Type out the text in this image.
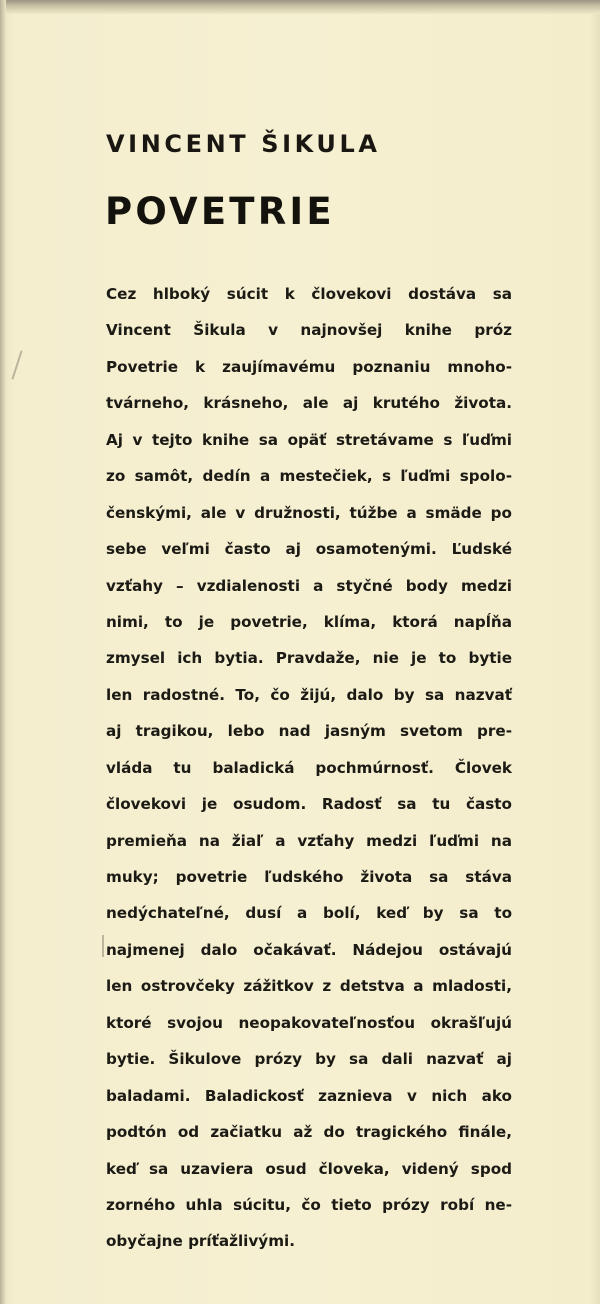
VINCENT ŠIKULA
POVETRIE
Cez hlboký súcit k človekovi dostáva sa
Vincent Šikula v najnovšej knihe próz
Povetrie k zaujímavému poznaniu mnoho-
tvárneho, krásneho, ale aj krutého života.
Aj v tejto knihe sa opäť stretávame s ľuďmi
zo samôt, dedín a mestečiek, s ľuďmi spolo-
čenskými, ale v družnosti, túžbe a smäde po
sebe veľmi často aj osamotenými. Ľudské
vzťahy – vzdialenosti a styčné body medzi
nimi, to je povetrie, klíma, ktorá napĺňa
zmysel ich bytia. Pravdaže, nie je to bytie
len radostné. To, čo žijú, dalo by sa nazvať
aj tragikou, lebo nad jasným svetom pre-
vláda tu baladická pochmúrnosť. Človek
človekovi je osudom. Radosť sa tu často
premieňa na žiaľ a vzťahy medzi ľuďmi na
muky; povetrie ľudského života sa stáva
nedýchateľné, dusí a bolí, keď by sa to
najmenej dalo očakávať. Nádejou ostávajú
len ostrovčeky zážitkov z detstva a mladosti,
ktoré svojou neopakovateľnosťou okrašľujú
bytie. Šikulove prózy by sa dali nazvať aj
baladami. Baladickosť zaznieva v nich ako
podtón od začiatku až do tragického finále,
keď sa uzaviera osud človeka, videný spod
zorného uhla súcitu, čo tieto prózy robí ne-
obyčajne príťažlivými.
